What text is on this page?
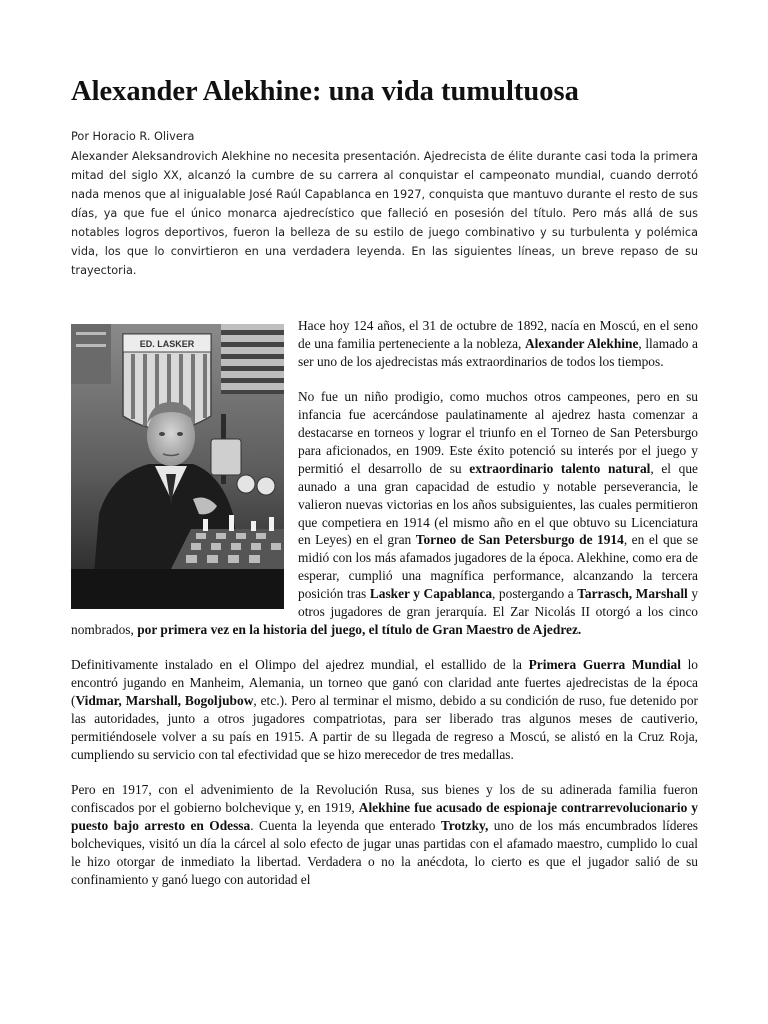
Alexander Alekhine: una vida tumultuosa
Por Horacio R. Olivera
Alexander Aleksandrovich Alekhine no necesita presentación. Ajedrecista de élite durante casi toda la primera mitad del siglo XX, alcanzó la cumbre de su carrera al conquistar el campeonato mundial, cuando derrotó nada menos que al inigualable José Raúl Capablanca en 1927, conquista que mantuvo durante el resto de sus días, ya que fue el único monarca ajedrecístico que falleció en posesión del título. Pero más allá de sus notables logros deportivos, fueron la belleza de su estilo de juego combinativo y su turbulenta y polémica vida, los que lo convirtieron en una verdadera leyenda. En las siguientes líneas, un breve repaso de su trayectoria.
ED. LASKER

Hace hoy 124 años, el 31 de octubre de 1892, nacía en Moscú, en el seno de una familia perteneciente a la nobleza, Alexander Alekhine, llamado a ser uno de los ajedrecistas más extraordinarios de todos los tiempos.

No fue un niño prodigio, como muchos otros campeones, pero en su infancia fue acercándose paulatinamente al ajedrez hasta comenzar a destacarse en torneos y lograr el triunfo en el Torneo de San Petersburgo para aficionados, en 1909. Este éxito potenció su interés por el juego y permitió el desarrollo de su extraordinario talento natural, el que aunado a una gran capacidad de estudio y notable perseverancia, le valieron nuevas victorias en los años subsiguientes, las cuales permitieron que competiera en 1914 (el mismo año en el que obtuvo su Licenciatura en Leyes) en el gran Torneo de San Petersburgo de 1914, en el que se midió con los más afamados jugadores de la época. Alekhine, como era de esperar, cumplió una magnífica performance, alcanzando la tercera posición tras Lasker y Capablanca, postergando a Tarrasch, Marshall y otros jugadores de gran jerarquía. El Zar Nicolás II otorgó a los cinco nombrados, por primera vez en la historia del juego, el título de Gran Maestro de Ajedrez.

Definitivamente instalado en el Olimpo del ajedrez mundial, el estallido de la Primera Guerra Mundial lo encontró jugando en Manheim, Alemania, un torneo que ganó con claridad ante fuertes ajedrecistas de la época (Vidmar, Marshall, Bogoljubow, etc.). Pero al terminar el mismo, debido a su condición de ruso, fue detenido por las autoridades, junto a otros jugadores compatriotas, para ser liberado tras algunos meses de cautiverio, permitiéndosele volver a su país en 1915. A partir de su llegada de regreso a Moscú, se alistó en la Cruz Roja, cumpliendo su servicio con tal efectividad que se hizo merecedor de tres medallas.

Pero en 1917, con el advenimiento de la Revolución Rusa, sus bienes y los de su adinerada familia fueron confiscados por el gobierno bolchevique y, en 1919, Alekhine fue acusado de espionaje contrarrevolucionario y puesto bajo arresto en Odessa. Cuenta la leyenda que enterado Trotzky, uno de los más encumbrados líderes bolcheviques, visitó un día la cárcel al solo efecto de jugar unas partidas con el afamado maestro, cumplido lo cual le hizo otorgar de inmediato la libertad. Verdadera o no la anécdota, lo cierto es que el jugador salió de su confinamiento y ganó luego con autoridad el
